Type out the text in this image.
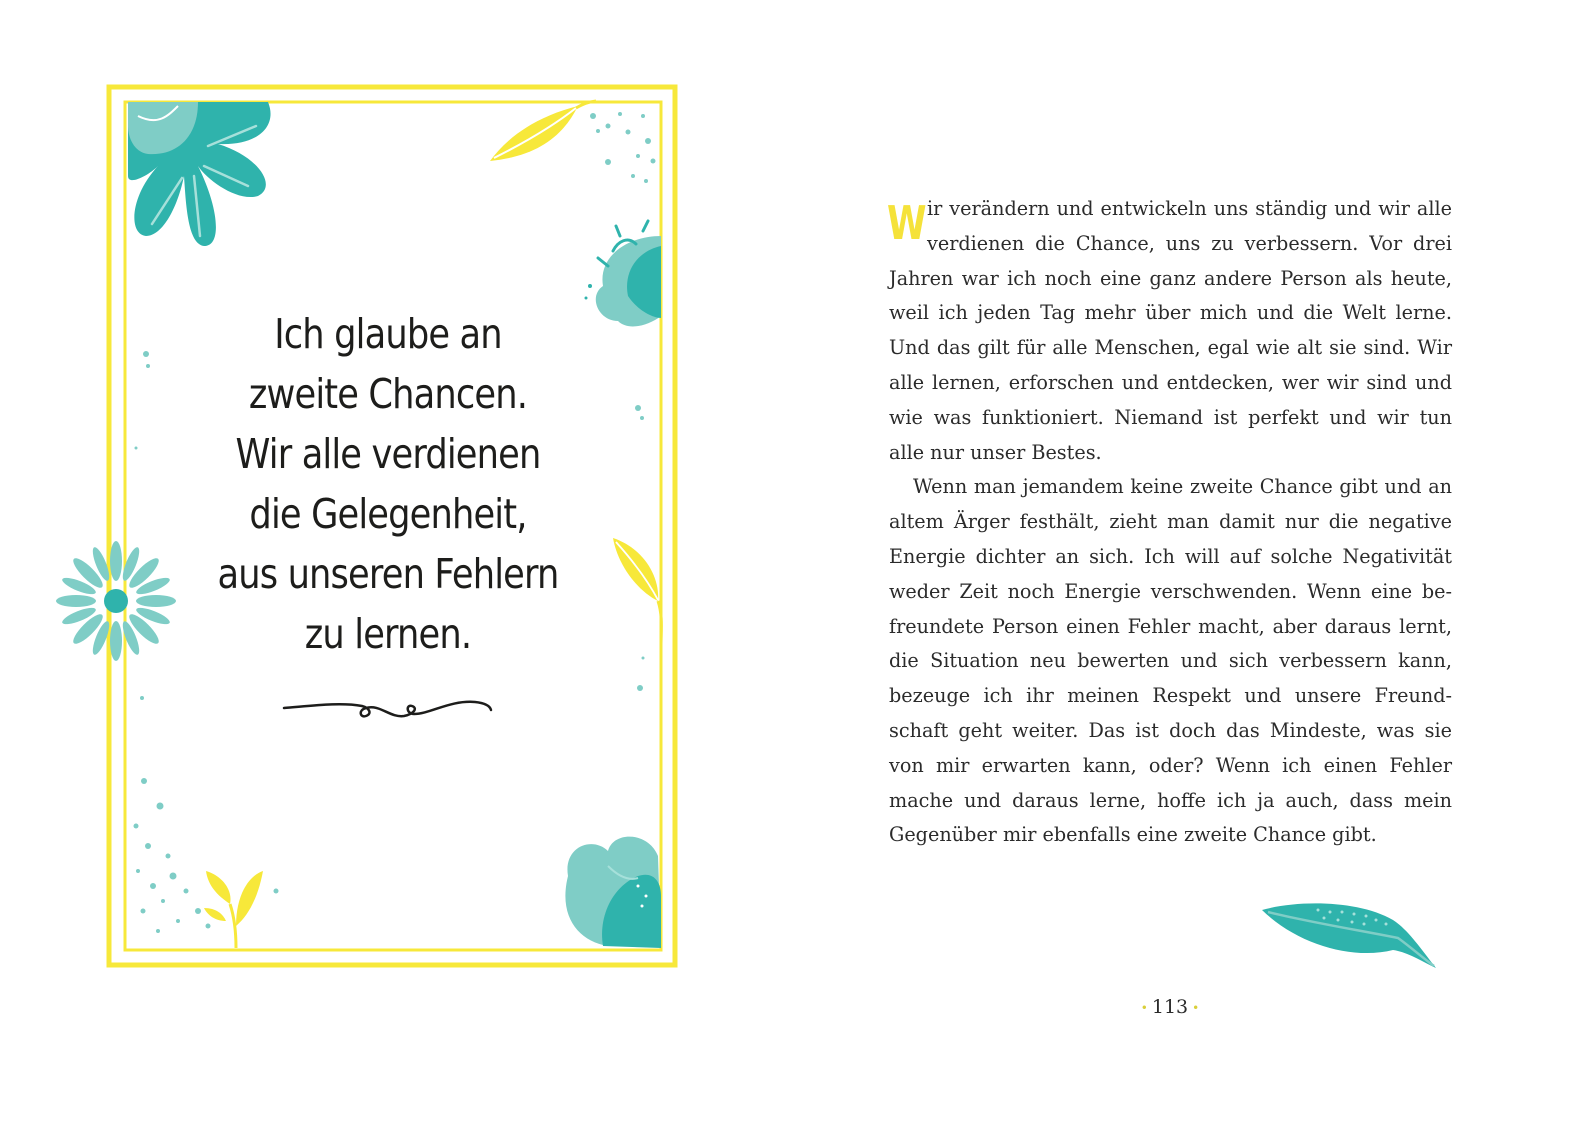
Ich glaube an
zweite Chancen.
Wir alle verdienen
die Gelegenheit,
aus unseren Fehlern
zu lernen.

Wir verändern und entwickeln uns ständig und wir alle verdienen die Chance, uns zu verbessern. Vor drei Jahren war ich noch eine ganz andere Person als heute, weil ich jeden Tag mehr über mich und die Welt lerne. Und das gilt für alle Menschen, egal wie alt sie sind. Wir alle lernen, erforschen und entdecken, wer wir sind und wie was funktioniert. Niemand ist perfekt und wir tun alle nur unser Bestes.

Wenn man jemandem keine zweite Chance gibt und an altem Ärger festhält, zieht man damit nur die negative Energie dichter an sich. Ich will auf solche Negativität weder Zeit noch Energie verschwenden. Wenn eine befreundete Person einen Fehler macht, aber daraus lernt, die Situation neu bewerten und sich verbessern kann, bezeuge ich ihr meinen Respekt und unsere Freundschaft geht weiter. Das ist doch das Mindeste, was sie von mir erwarten kann, oder? Wenn ich einen Fehler mache und daraus lerne, hoffe ich ja auch, dass mein Gegenüber mir ebenfalls eine zweite Chance gibt.

• 113 •
